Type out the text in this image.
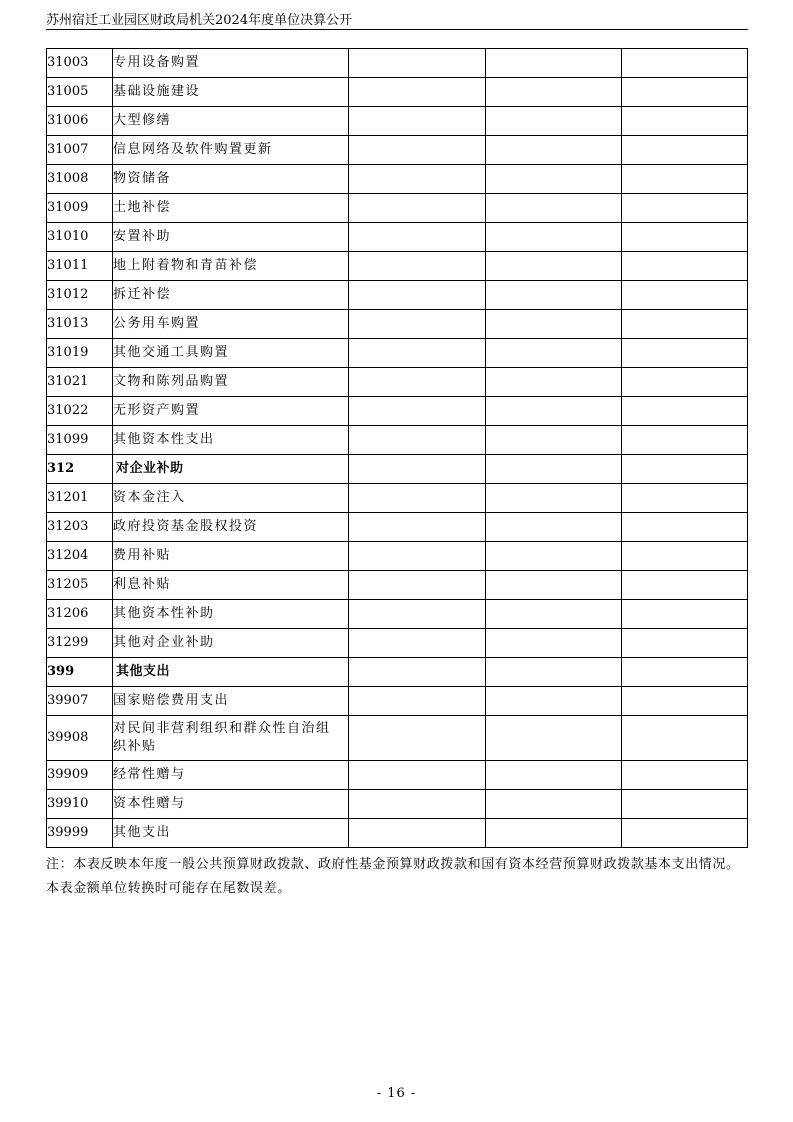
苏州宿迁工业园区财政局机关2024年度单位决算公开
31003	专用设备购置			

31005	基础设施建设			

31006	大型修缮			

31007	信息网络及软件购置更新			

31008	物资储备			

31009	土地补偿			

31010	安置补助			

31011	地上附着物和青苗补偿			

31012	拆迁补偿			

31013	公务用车购置			

31019	其他交通工具购置			

31021	文物和陈列品购置			

31022	无形资产购置			

31099	其他资本性支出			

312	对企业补助			

31201	资本金注入			

31203	政府投资基金股权投资			

31204	费用补贴			

31205	利息补贴			

31206	其他资本性补助			

31299	其他对企业补助			

399	其他支出			

39907	国家赔偿费用支出			

39908	对民间非营利组织和群众性自治组织补贴			

39909	经常性赠与			

39910	资本性赠与			

39999	其他支出			

注：本表反映本年度一般公共预算财政拨款、政府性基金预算财政拨款和国有资本经营预算财政拨款基本支出情况。本表金额单位转换时可能存在尾数误差。
- 16 -
